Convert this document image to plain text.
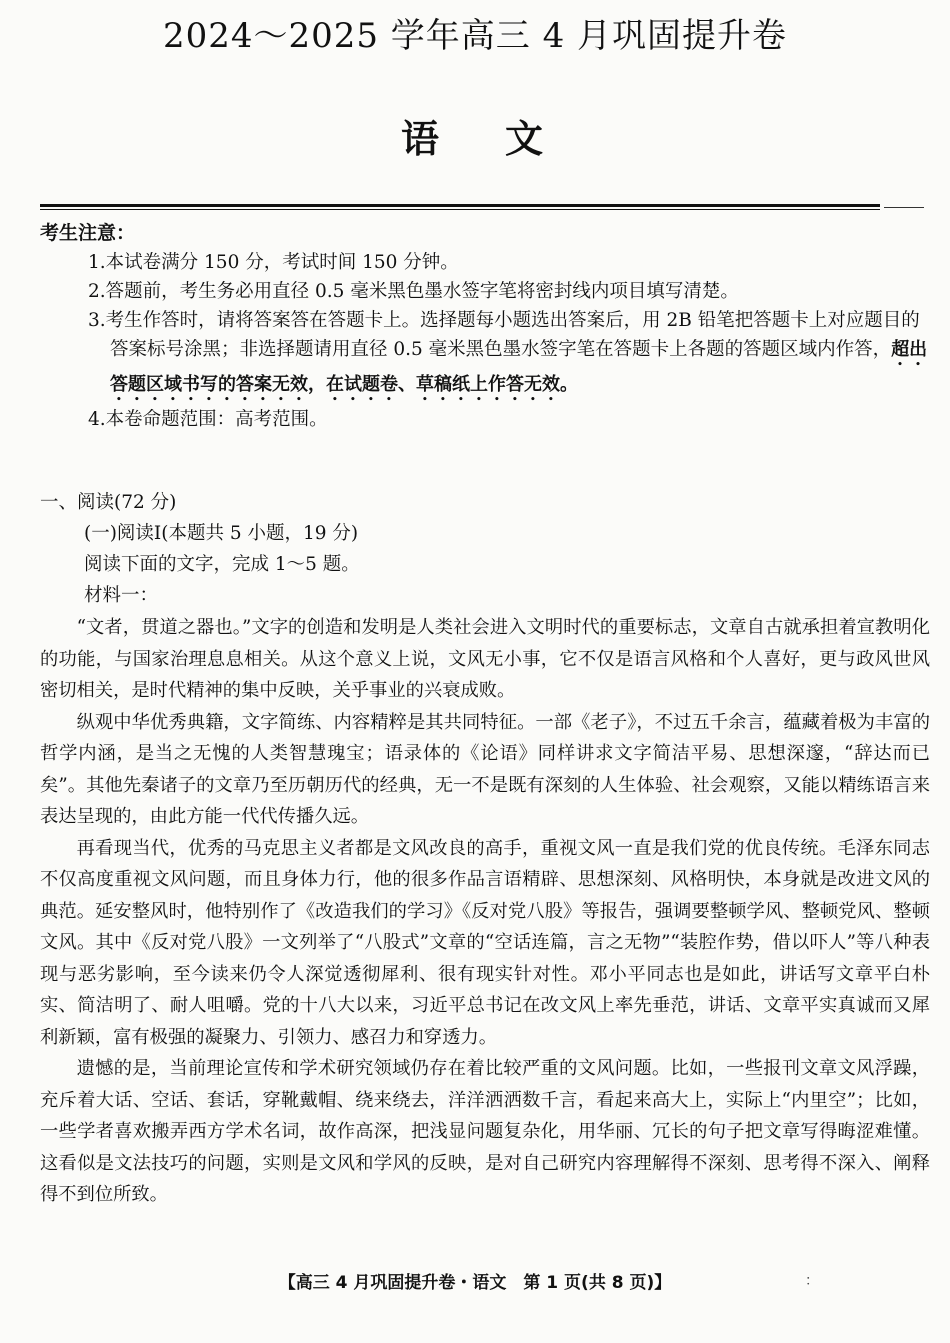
2024～2025 学年高三 4 月巩固提升卷
语文
考生注意：
1.本试卷满分 150 分，考试时间 150 分钟。
2.答题前，考生务必用直径 0.5 毫米黑色墨水签字笔将密封线内项目填写清楚。
3.考生作答时，请将答案答在答题卡上。选择题每小题选出答案后，用 2B 铅笔把答题卡上对应题目的答案标号涂黑；非选择题请用直径 0.5 毫米黑色墨水签字笔在答题卡上各题的答题区域内作答，超出答题区域书写的答案无效，在试题卷、草稿纸上作答无效。
4.本卷命题范围：高考范围。
一、阅读(72 分)
(一)阅读Ⅰ(本题共 5 小题，19 分)
阅读下面的文字，完成 1～5 题。
材料一：

“文者，贯道之器也。”文字的创造和发明是人类社会进入文明时代的重要标志，文章自古就承担着宣教明化的功能，与国家治理息息相关。从这个意义上说，文风无小事，它不仅是语言风格和个人喜好，更与政风世风密切相关，是时代精神的集中反映，关乎事业的兴衰成败。

纵观中华优秀典籍，文字简练、内容精粹是其共同特征。一部《老子》，不过五千余言，蕴藏着极为丰富的哲学内涵，是当之无愧的人类智慧瑰宝；语录体的《论语》同样讲求文字简洁平易、思想深邃，“辞达而已矣”。其他先秦诸子的文章乃至历朝历代的经典，无一不是既有深刻的人生体验、社会观察，又能以精练语言来表达呈现的，由此方能一代代传播久远。

再看现当代，优秀的马克思主义者都是文风改良的高手，重视文风一直是我们党的优良传统。毛泽东同志不仅高度重视文风问题，而且身体力行，他的很多作品言语精辟、思想深刻、风格明快，本身就是改进文风的典范。延安整风时，他特别作了《改造我们的学习》《反对党八股》等报告，强调要整顿学风、整顿党风、整顿文风。其中《反对党八股》一文列举了“八股式”文章的“空话连篇，言之无物”“装腔作势，借以吓人”等八种表现与恶劣影响，至今读来仍令人深觉透彻犀利、很有现实针对性。邓小平同志也是如此，讲话写文章平白朴实、简洁明了、耐人咀嚼。党的十八大以来，习近平总书记在改文风上率先垂范，讲话、文章平实真诚而又犀利新颖，富有极强的凝聚力、引领力、感召力和穿透力。

遗憾的是，当前理论宣传和学术研究领域仍存在着比较严重的文风问题。比如，一些报刊文章文风浮躁，充斥着大话、空话、套话，穿靴戴帽、绕来绕去，洋洋洒洒数千言，看起来高大上，实际上“内里空”；比如，一些学者喜欢搬弄西方学术名词，故作高深，把浅显问题复杂化，用华丽、冗长的句子把文章写得晦涩难懂。这看似是文法技巧的问题，实则是文风和学风的反映，是对自己研究内容理解得不深刻、思考得不深入、阐释得不到位所致。

【高三 4 月巩固提升卷・语文　第 1 页(共 8 页)】	：
